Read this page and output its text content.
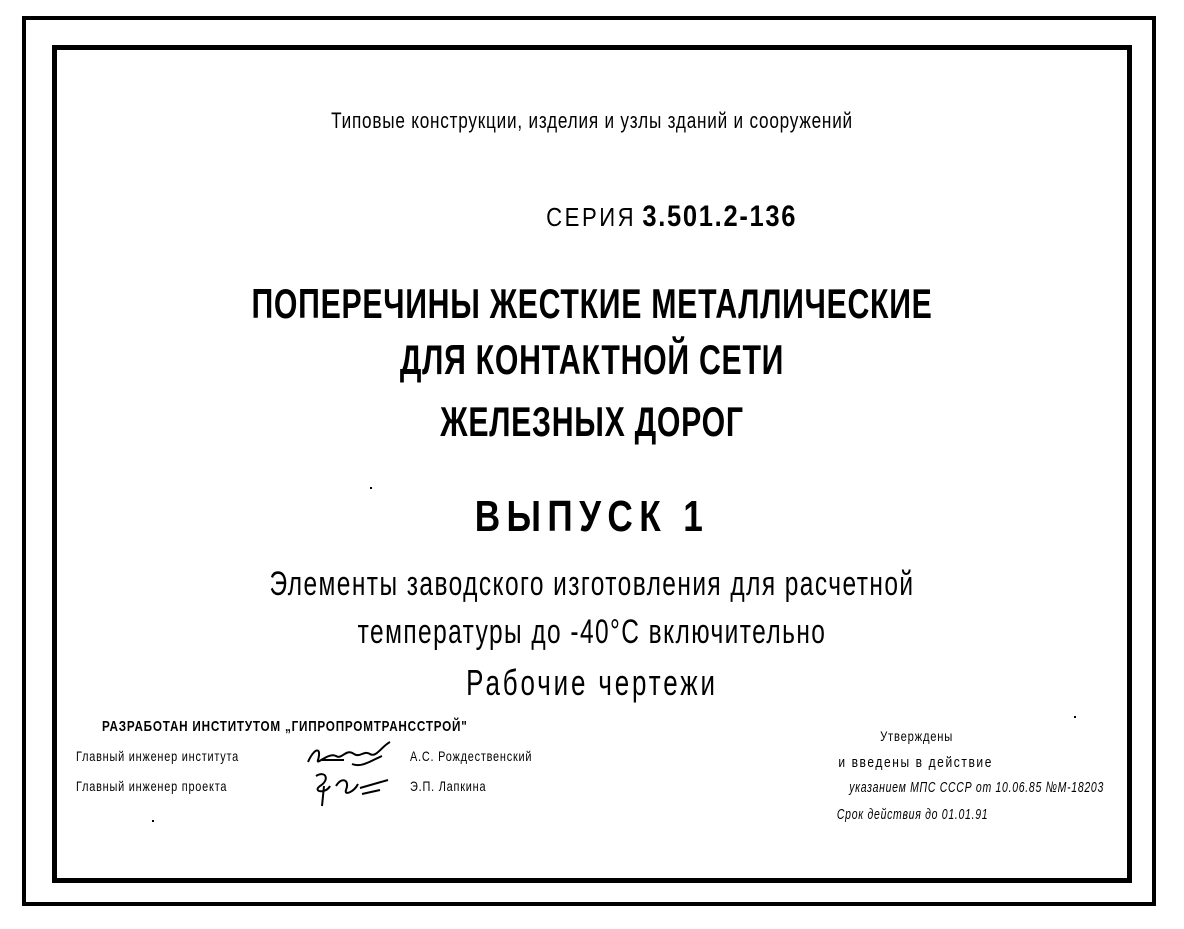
Типовые конструкции, изделия и узлы зданий и сооружений
СЕРИЯ 3.501.2-136
ПОПЕРЕЧИНЫ ЖЕСТКИЕ МЕТАЛЛИЧЕСКИЕ
ДЛЯ КОНТАКТНОЙ СЕТИ
ЖЕЛЕЗНЫХ ДОРОГ
ВЫПУСК 1
Элементы заводского изготовления для расчетной
температуры до -40°С включительно
Рабочие чертежи
РАЗРАБОТАН ИНСТИТУТОМ „ГИПРОПРОМТРАНССТРОЙ"
Главный инженер института	А.С. Рождественский
Главный инженер проекта	Э.П. Лапкина
Утверждены
и введены в действие
указанием МПС СССР от 10.06.85 №М-18203
Срок действия до 01.01.91
